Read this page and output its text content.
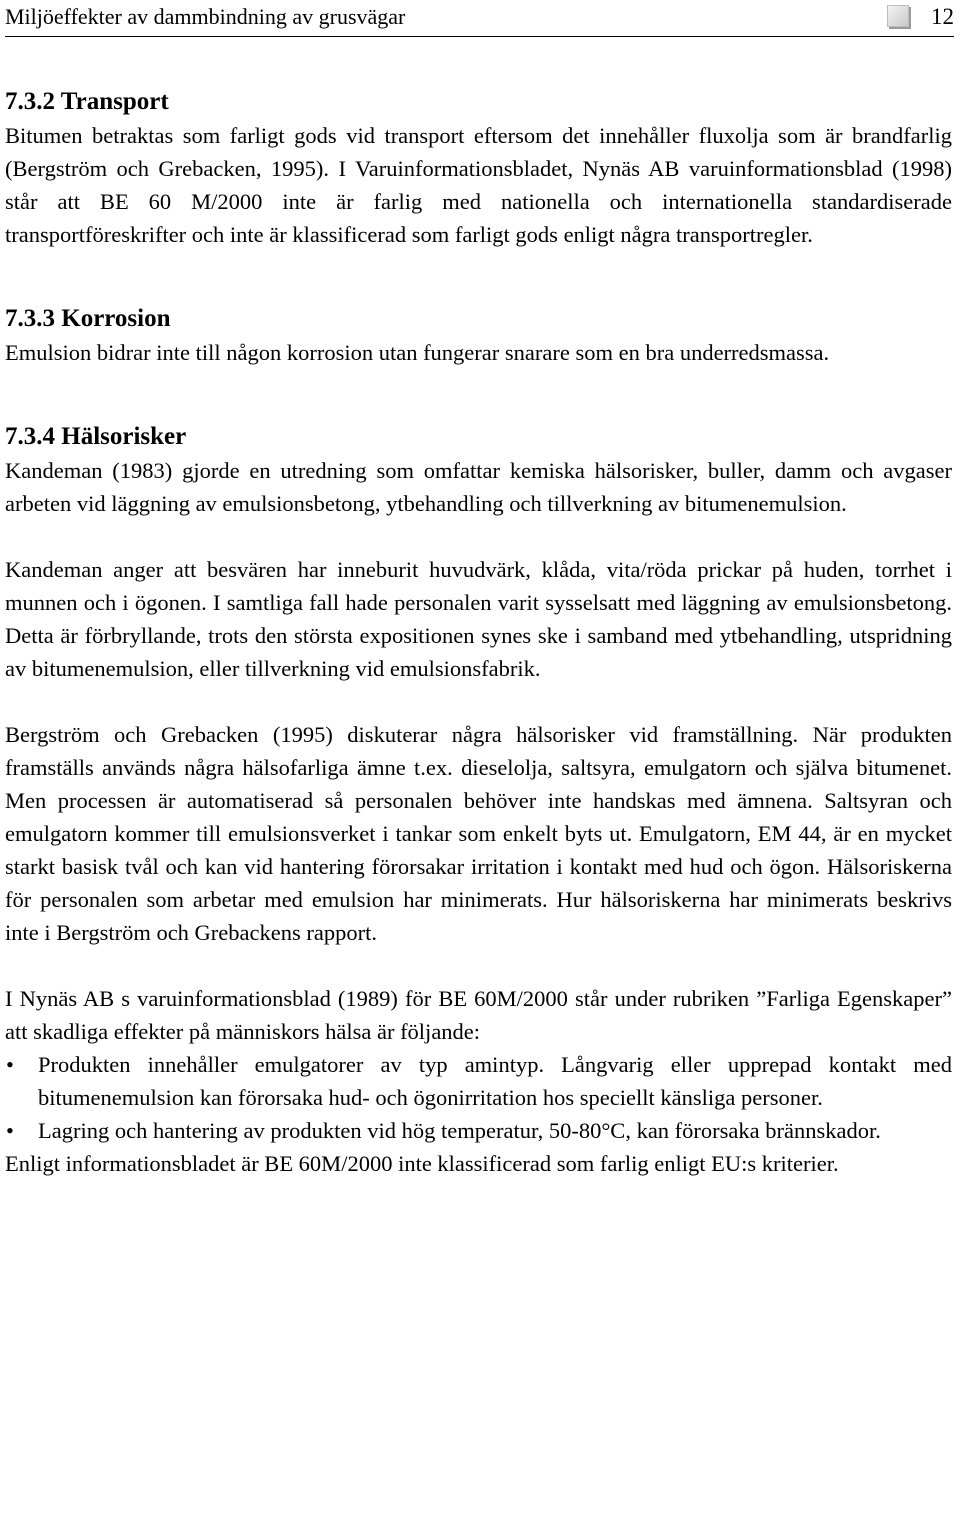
Miljöeffekter av dammbindning av grusvägar	12
7.3.2 Transport

Bitumen betraktas som farligt gods vid transport eftersom det innehåller fluxolja som är brandfarlig (Bergström och Grebacken, 1995). I Varuinformationsbladet, Nynäs AB varuinformationsblad (1998) står att BE 60 M/2000 inte är farlig med nationella och internationella standardiserade transportföreskrifter och inte är klassificerad som farligt gods enligt några transportregler.

7.3.3 Korrosion

Emulsion bidrar inte till någon korrosion utan fungerar snarare som en bra underredsmassa.

7.3.4 Hälsorisker

Kandeman (1983) gjorde en utredning som omfattar kemiska hälsorisker, buller, damm och avgaser arbeten vid läggning av emulsionsbetong, ytbehandling och tillverkning av bitumenemulsion.

Kandeman anger att besvären har inneburit huvudvärk, klåda, vita/röda prickar på huden, torrhet i munnen och i ögonen. I samtliga fall hade personalen varit sysselsatt med läggning av emulsionsbetong. Detta är förbryllande, trots den största expositionen synes ske i samband med ytbehandling, utspridning av bitumenemulsion, eller tillverkning vid emulsionsfabrik.

Bergström och Grebacken (1995) diskuterar några hälsorisker vid framställning. När produkten framställs används några hälsofarliga ämne t.ex. dieselolja, saltsyra, emulgatorn och själva bitumenet. Men processen är automatiserad så personalen behöver inte handskas med ämnena. Saltsyran och emulgatorn kommer till emulsionsverket i tankar som enkelt byts ut. Emulgatorn, EM 44, är en mycket starkt basisk tvål och kan vid hantering förorsakar irritation i kontakt med hud och ögon. Hälsoriskerna för personalen som arbetar med emulsion har minimerats. Hur hälsoriskerna har minimerats beskrivs inte i Bergström och Grebackens rapport.

I Nynäs AB s varuinformationsblad (1989) för BE 60M/2000 står under rubriken ”Farliga Egenskaper” att skadliga effekter på människors hälsa är följande:

• Produkten innehåller emulgatorer av typ amintyp. Långvarig eller upprepad kontakt med bitumenemulsion kan förorsaka hud- och ögonirritation hos speciellt känsliga personer.
• Lagring och hantering av produkten vid hög temperatur, 50-80°C, kan förorsaka brännskador.

Enligt informationsbladet är BE 60M/2000 inte klassificerad som farlig enligt EU:s kriterier.
